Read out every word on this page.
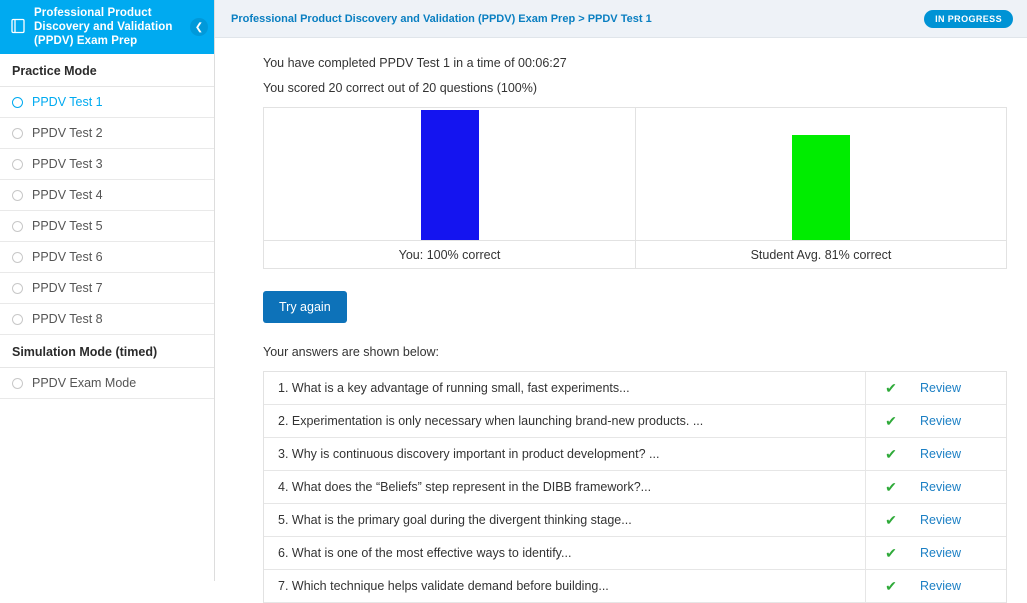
Professional Product Discovery and Validation (PPDV) Exam Prep
❮
Practice Mode
PPDV Test 1
PPDV Test 2
PPDV Test 3
PPDV Test 4
PPDV Test 5
PPDV Test 6
PPDV Test 7
PPDV Test 8
Simulation Mode (timed)
PPDV Exam Mode
Professional Product Discovery and Validation (PPDV) Exam Prep > PPDV Test 1	IN PROGRESS
You have completed PPDV Test 1 in a time of 00:06:27
You scored 20 correct out of 20 questions (100%)
You: 100% correct	Student Avg. 81% correct
Try again
Your answers are shown below:
1. What is a key advantage of running small, fast experiments...	✔	Review
2. Experimentation is only necessary when launching brand-new products. ...	✔	Review
3. Why is continuous discovery important in product development? ...	✔	Review
4. What does the “Beliefs” step represent in the DIBB framework?...	✔	Review
5. What is the primary goal during the divergent thinking stage...	✔	Review
6. What is one of the most effective ways to identify...	✔	Review
7. Which technique helps validate demand before building...	✔	Review
